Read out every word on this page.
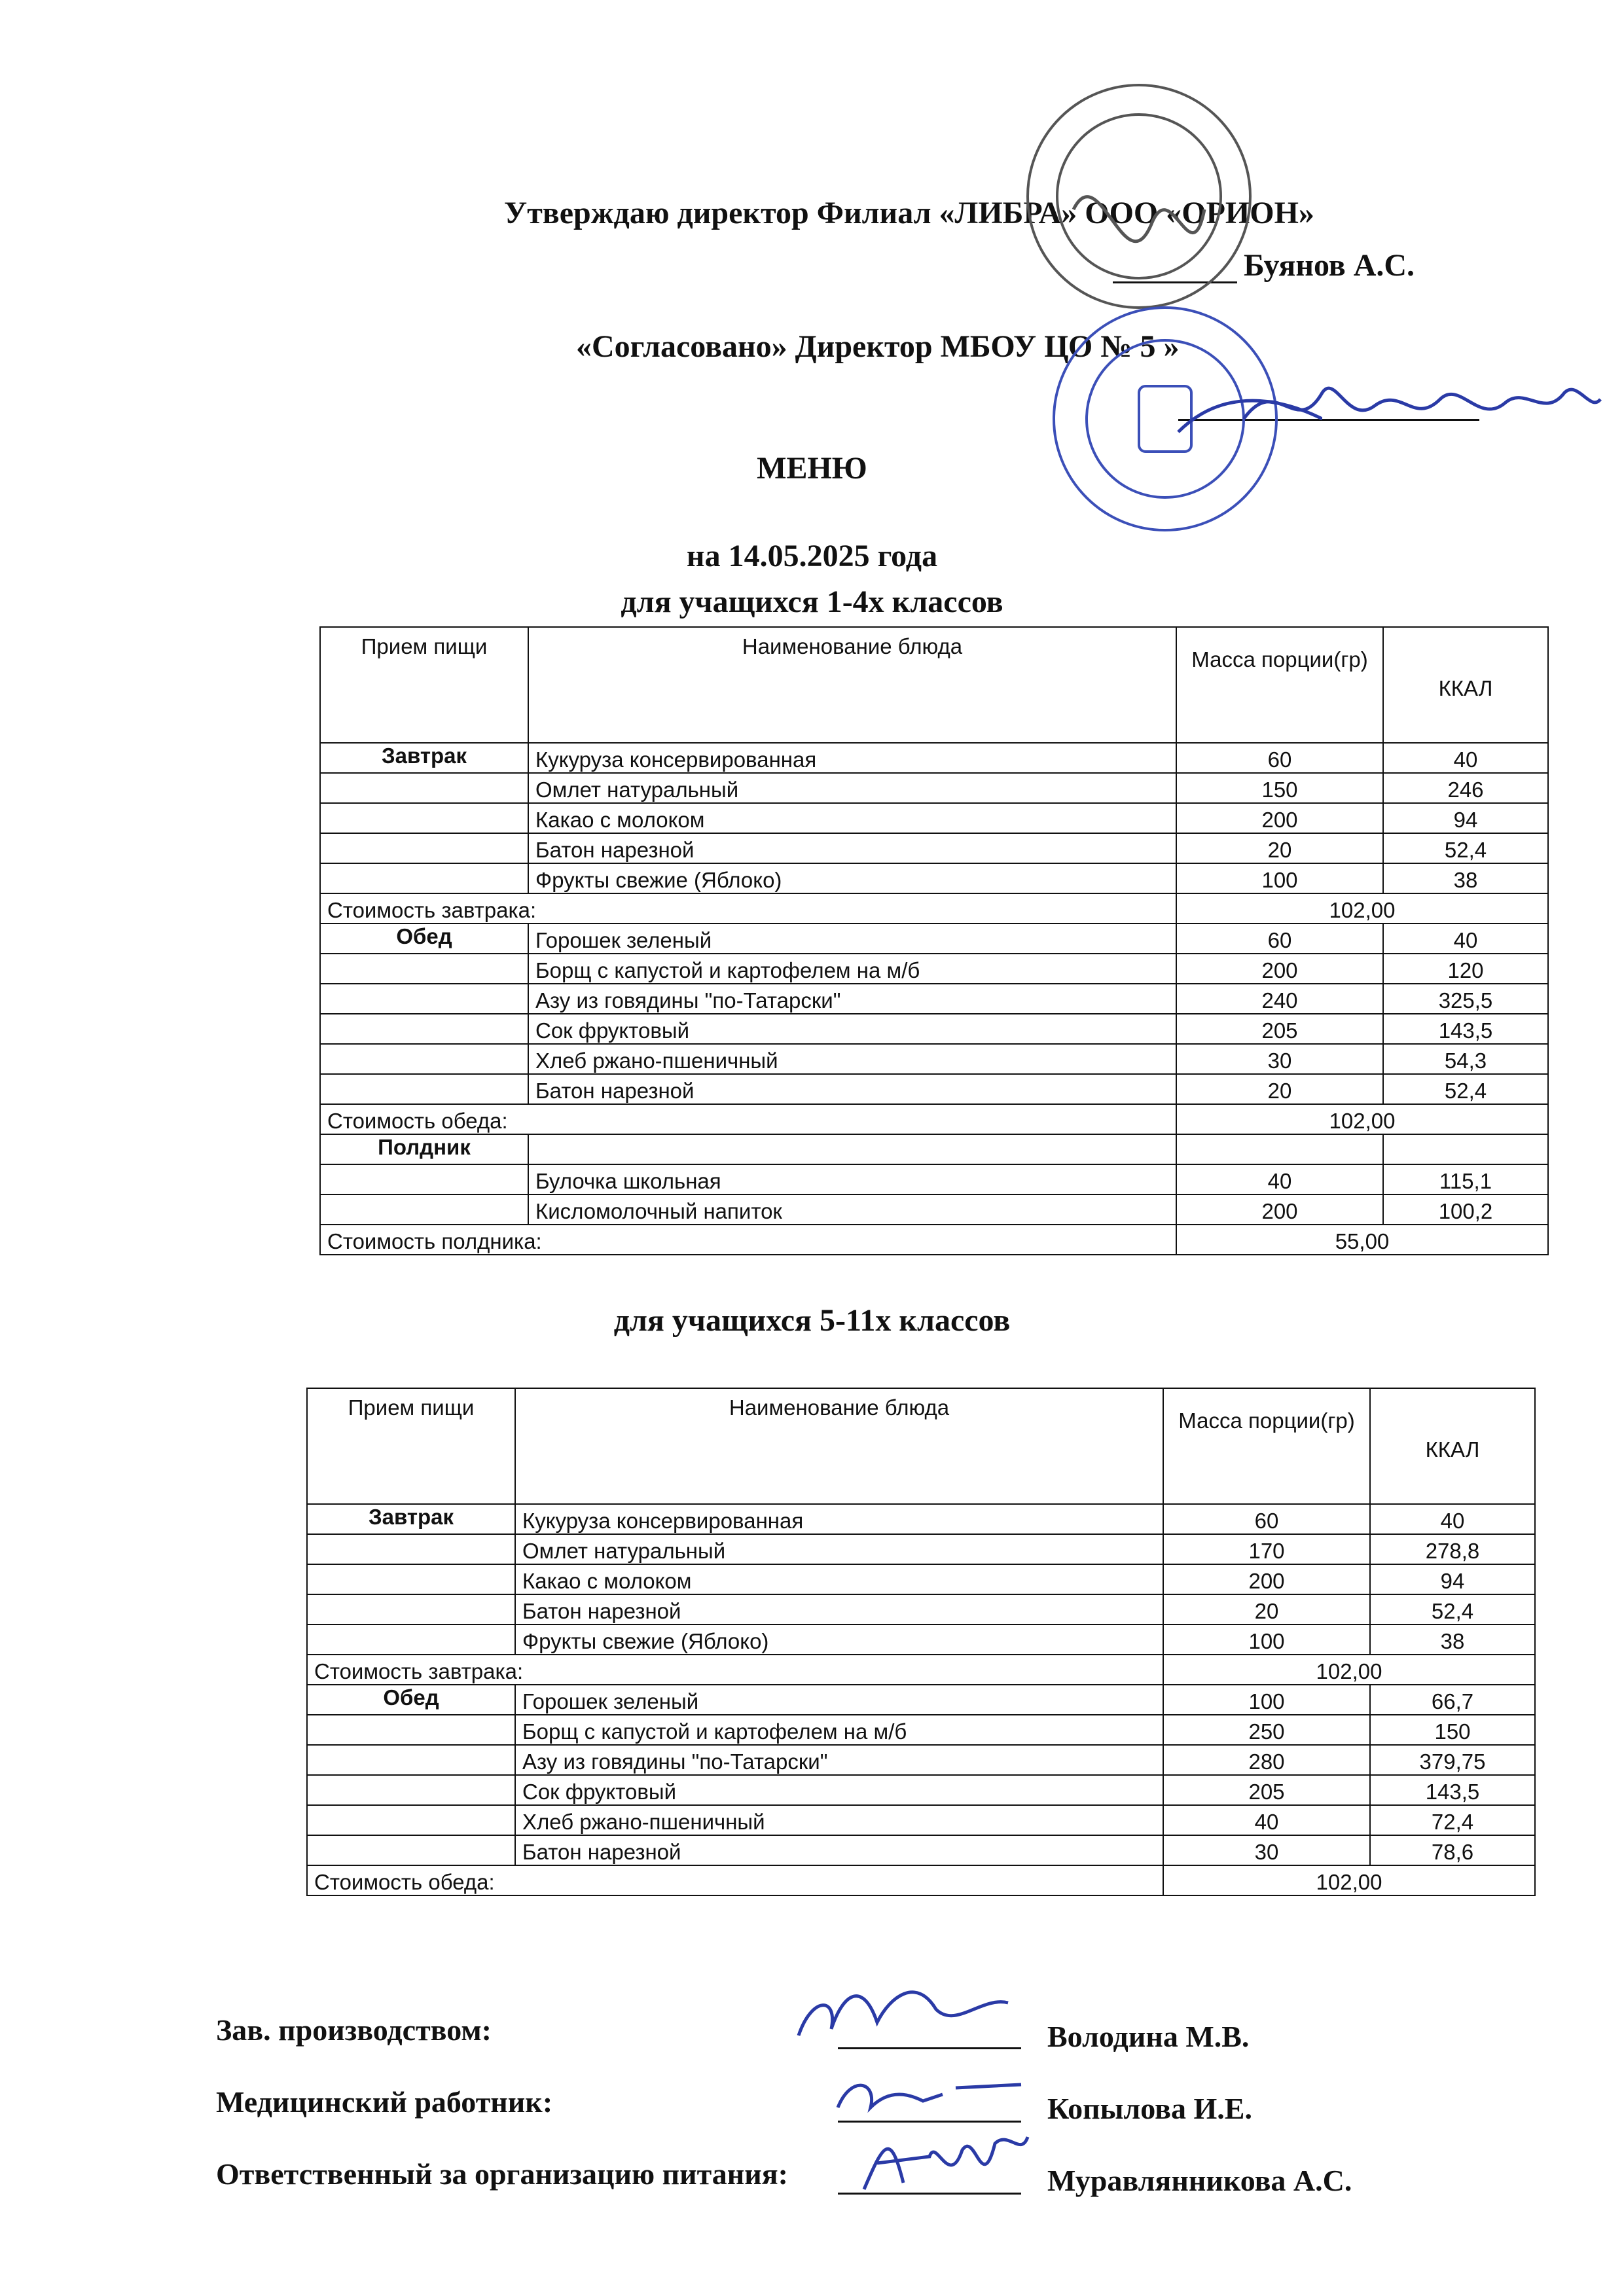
Утверждаю директор Филиал «ЛИБРА» ООО «ОРИОН»
Буянов А.С.
«Согласовано» Директор МБОУ ЦО № 5 »
МЕНЮ
на 14.05.2025 года
для учащихся 1-4х классов
Прием пищи	Наименование блюда	Масса порции(гр)	ККАЛ
Завтрак	Кукуруза консервированная	60	40
	Омлет натуральный	150	246
	Какао с молоком	200	94
	Батон нарезной	20	52,4
	Фрукты свежие (Яблоко)	100	38
Стоимость завтрака:		102,00	
Обед	Горошек зеленый	60	40
	Борщ с капустой и картофелем на м/б	200	120
	Азу из говядины "по-Татарски"	240	325,5
	Сок фруктовый	205	143,5
	Хлеб ржано-пшеничный	30	54,3
	Батон нарезной	20	52,4
Стоимость обеда:		102,00	
Полдник			
	Булочка школьная	40	115,1
	Кисломолочный напиток	200	100,2
Стоимость полдника:		55,00	
для учащихся 5-11х классов
Прием пищи	Наименование блюда	Масса порции(гр)	ККАЛ
Завтрак	Кукуруза консервированная	60	40
	Омлет натуральный	170	278,8
	Какао с молоком	200	94
	Батон нарезной	20	52,4
	Фрукты свежие (Яблоко)	100	38
Стоимость завтрака:		102,00	
Обед	Горошек зеленый	100	66,7
	Борщ с капустой и картофелем на м/б	250	150
	Азу из говядины "по-Татарски"	280	379,75
	Сок фруктовый	205	143,5
	Хлеб ржано-пшеничный	40	72,4
	Батон нарезной	30	78,6
Стоимость обеда:		102,00	
Зав. производством:	Володина М.В.
Медицинский работник:	Копылова И.Е.
Ответственный за организацию питания:	Муравлянникова А.С.
